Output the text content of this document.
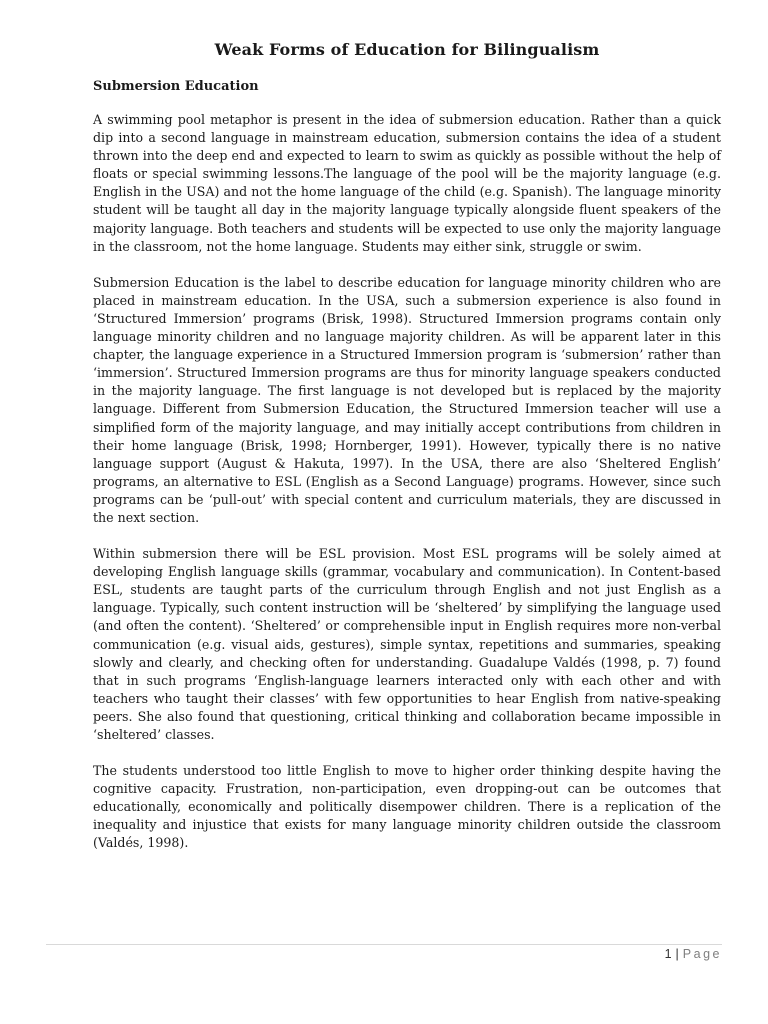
Weak Forms of Education for Bilingualism
Submersion Education

A swimming pool metaphor is present in the idea of submersion education. Rather than a quick dip into a second language in mainstream education, submersion contains the idea of a student thrown into the deep end and expected to learn to swim as quickly as possible without the help of floats or special swimming lessons.The language of the pool will be the majority language (e.g. English in the USA) and not the home language of the child (e.g. Spanish). The language minority student will be taught all day in the majority language typically alongside fluent speakers of the majority language. Both teachers and students will be expected to use only the majority language in the classroom, not the home language. Students may either sink, struggle or swim.

Submersion Education is the label to describe education for language minority children who are placed in mainstream education. In the USA, such a submersion experience is also found in ‘Structured Immersion’ programs (Brisk, 1998). Structured Immersion programs contain only language minority children and no language majority children. As will be apparent later in this chapter, the language experience in a Structured Immersion program is ‘submersion’ rather than ‘immersion’. Structured Immersion programs are thus for minority language speakers conducted in the majority language. The first language is not developed but is replaced by the majority language. Different from Submersion Education, the Structured Immersion teacher will use a simplified form of the majority language, and may initially accept contributions from children in their home language (Brisk, 1998; Hornberger, 1991). However, typically there is no native language support (August & Hakuta, 1997). In the USA, there are also ‘Sheltered English’ programs, an alternative to ESL (English as a Second Language) programs. However, since such programs can be ‘pull-out’ with special content and curriculum materials, they are discussed in the next section.

Within submersion there will be ESL provision. Most ESL programs will be solely aimed at developing English language skills (grammar, vocabulary and communication). In Content-based ESL, students are taught parts of the curriculum through English and not just English as a language. Typically, such content instruction will be ‘sheltered’ by simplifying the language used (and often the content). ‘Sheltered’ or comprehensible input in English requires more non-verbal communication (e.g. visual aids, gestures), simple syntax, repetitions and summaries, speaking slowly and clearly, and checking often for understanding. Guadalupe Valdés (1998, p. 7) found that in such programs ‘English-language learners interacted only with each other and with teachers who taught their classes’ with few opportunities to hear English from native-speaking peers. She also found that questioning, critical thinking and collaboration became impossible in ‘sheltered’ classes.

The students understood too little English to move to higher order thinking despite having the cognitive capacity. Frustration, non-participation, even dropping-out can be outcomes that educationally, economically and politically disempower children. There is a replication of the inequality and injustice that exists for many language minority children outside the classroom (Valdés, 1998).

1 | Page
